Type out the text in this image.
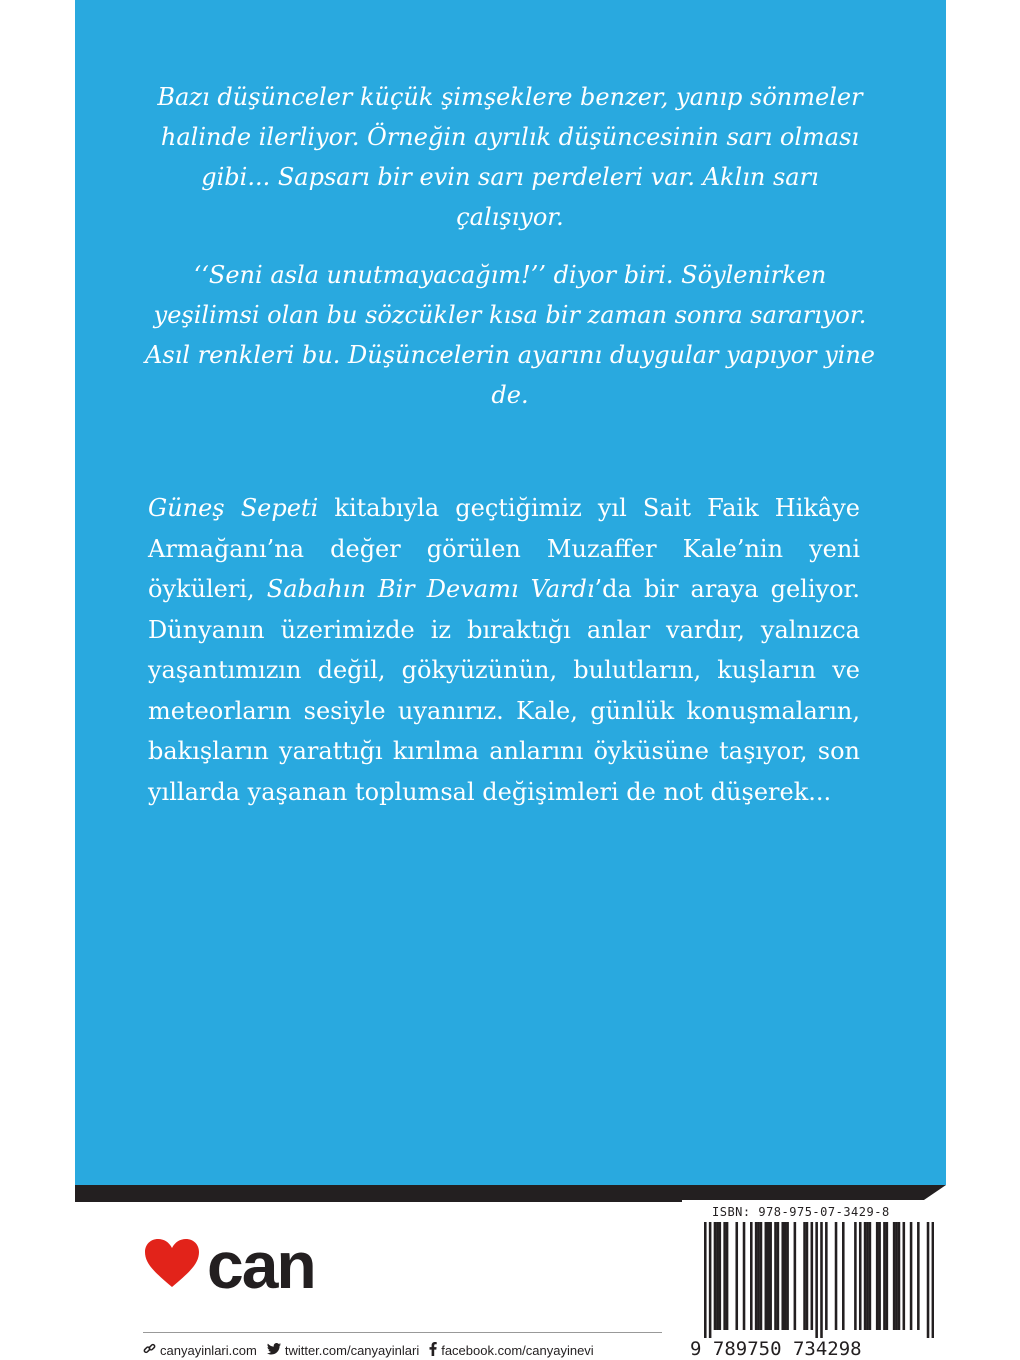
Bazı düşünceler küçük şimşeklere benzer, yanıp sönmeler halinde ilerliyor. Örneğin ayrılık düşüncesinin sarı olması gibi... Sapsarı bir evin sarı perdeleri var. Aklın sarı çalışıyor.
‘‘Seni asla unutmayacağım!’’ diyor biri. Söylenirken yeşilimsi olan bu sözcükler kısa bir zaman sonra sararıyor. Asıl renkleri bu. Düşüncelerin ayarını duygular yapıyor yine de.
Güneş Sepeti kitabıyla geçtiğimiz yıl Sait Faik Hikâye Armağanı’na değer görülen Muzaffer Kale’nin yeni öyküleri, Sabahın Bir Devamı Vardı’da bir araya geliyor. Dünyanın üzerimizde iz bıraktığı anlar vardır, yalnızca yaşantımızın değil, gökyüzünün, bulutların, kuşların ve meteorların sesiyle uyanırız. Kale, günlük konuşmaların, bakışların yarattığı kırılma anlarını öyküsüne taşıyor, son yıllarda yaşanan toplumsal değişimleri de not düşerek...
can
canyayinlari.com twitter.com/canyayinlari facebook.com/canyayinevi
ISBN: 978-975-07-3429-8
9 789750 734298
